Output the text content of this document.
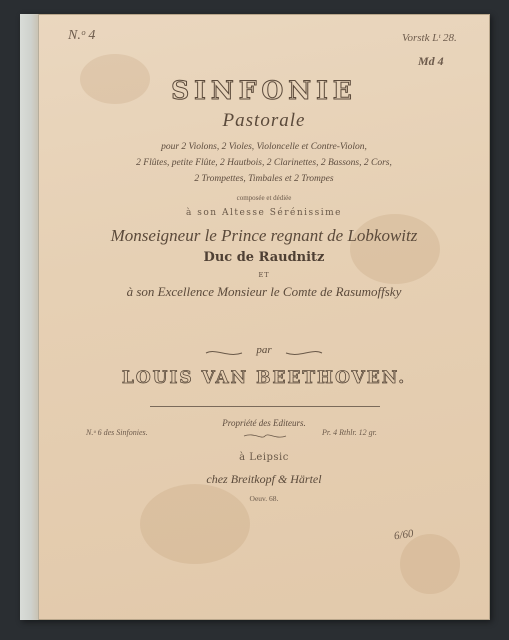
N.ᵒ 4	Vorstk Lᵗ 28.
Md 4
6/60
SINFONIE
Pastorale
pour 2 Violons, 2 Violes, Violoncelle et Contre-Violon,
2 Flûtes, petite Flûte, 2 Hautbois, 2 Clarinettes, 2 Bassons, 2 Cors,
2 Trompettes, Timbales et 2 Trompes
composée et dédiée
à son Altesse Sérénissime
Monseigneur le Prince regnant de Lobkowitz
Duc de Raudnitz
ET
à son Excellence Monsieur le Comte de Rasumoffsky
par
LOUIS VAN BEETHOVEN.
Propriété des Editeurs.
N.ᵒ 6 des Sinfonies.	Pr. 4 Rthlr. 12 gr.
à Leipsic
chez Breitkopf & Härtel
Oeuv. 68.
